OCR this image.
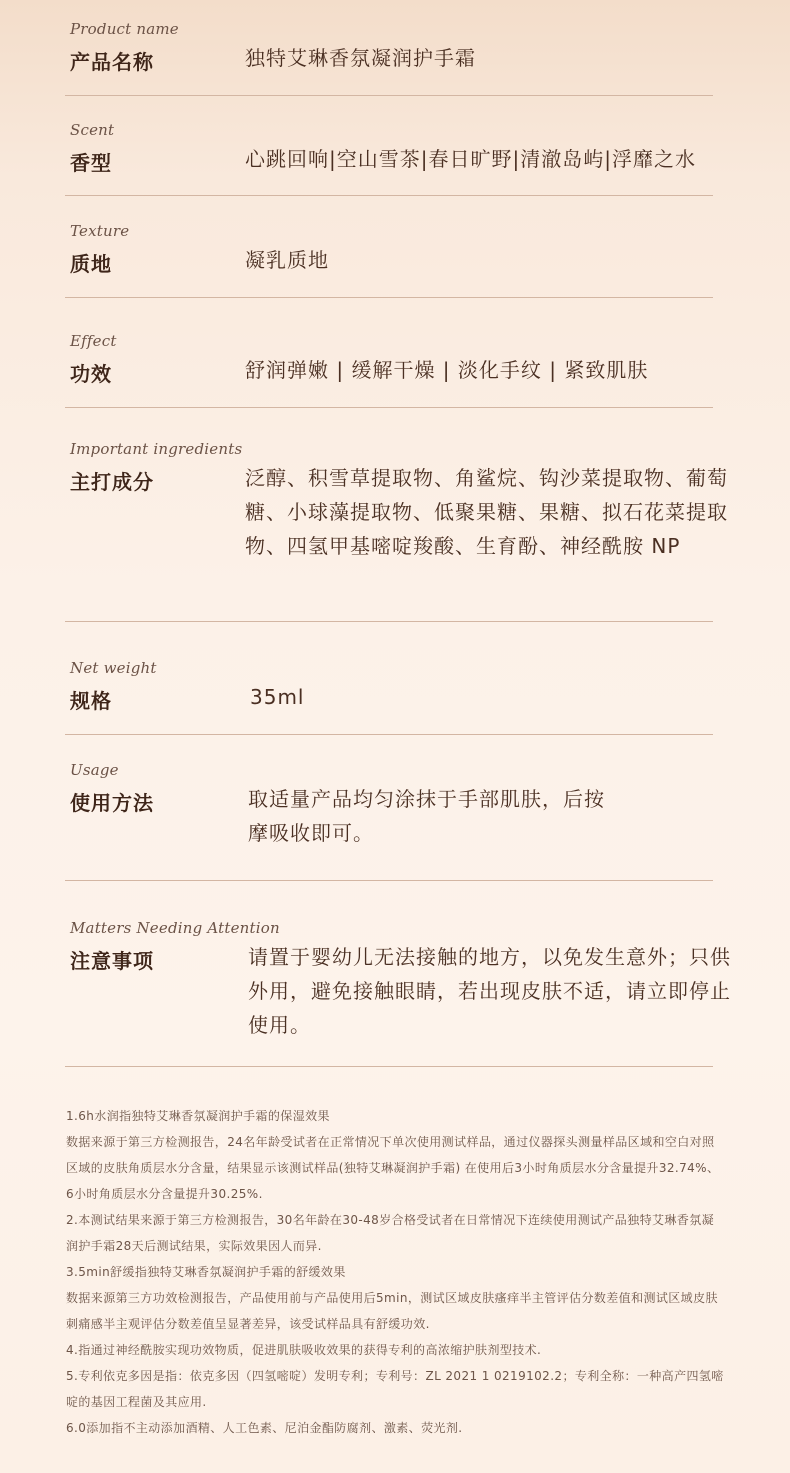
Product name
产品名称	独特艾琳香氛凝润护手霜
Scent
香型	心跳回响|空山雪茶|春日旷野|清澈岛屿|浮靡之水
Texture
质地	凝乳质地
Effect
功效	舒润弹嫩 | 缓解干燥 | 淡化手纹 | 紧致肌肤
Important ingredients
主打成分	泛醇、积雪草提取物、角鲨烷、钩沙菜提取物、葡萄糖、小球藻提取物、低聚果糖、果糖、拟石花菜提取物、四氢甲基嘧啶羧酸、生育酚、神经酰胺 NP
Net weight
规格	35ml
Usage
使用方法	取适量产品均匀涂抹于手部肌肤，后按摩吸收即可。
Matters Needing Attention
注意事项	请置于婴幼儿无法接触的地方，以免发生意外；只供外用，避免接触眼睛，若出现皮肤不适，请立即停止使用。

1.6h水润指独特艾琳香氛凝润护手霜的保湿效果

数据来源于第三方检测报告，24名年龄受试者在正常情况下单次使用测试样品，通过仪器探头测量样品区域和空白对照区域的皮肤角质层水分含量，结果显示该测试样品(独特艾琳凝润护手霜) 在使用后3小时角质层水分含量提升32.74%、6小时角质层水分含量提升30.25%.

2.本测试结果来源于第三方检测报告，30名年龄在30-48岁合格受试者在日常情况下连续使用测试产品独特艾琳香氛凝润护手霜28天后测试结果，实际效果因人而异.

3.5min舒缓指独特艾琳香氛凝润护手霜的舒缓效果

数据来源第三方功效检测报告，产品使用前与产品使用后5min，测试区域皮肤瘙痒半主管评估分数差值和测试区域皮肤刺痛感半主观评估分数差值呈显著差异，该受试样品具有舒缓功效.

4.指通过神经酰胺实现功效物质，促进肌肤吸收效果的获得专利的高浓缩护肤剂型技术.

5.专利依克多因是指：依克多因（四氢嘧啶）发明专利；专利号：ZL 2021 1 0219102.2；专利全称：一种高产四氢嘧啶的基因工程菌及其应用.

6.0添加指不主动添加酒精、人工色素、尼泊金酯防腐剂、激素、荧光剂.
